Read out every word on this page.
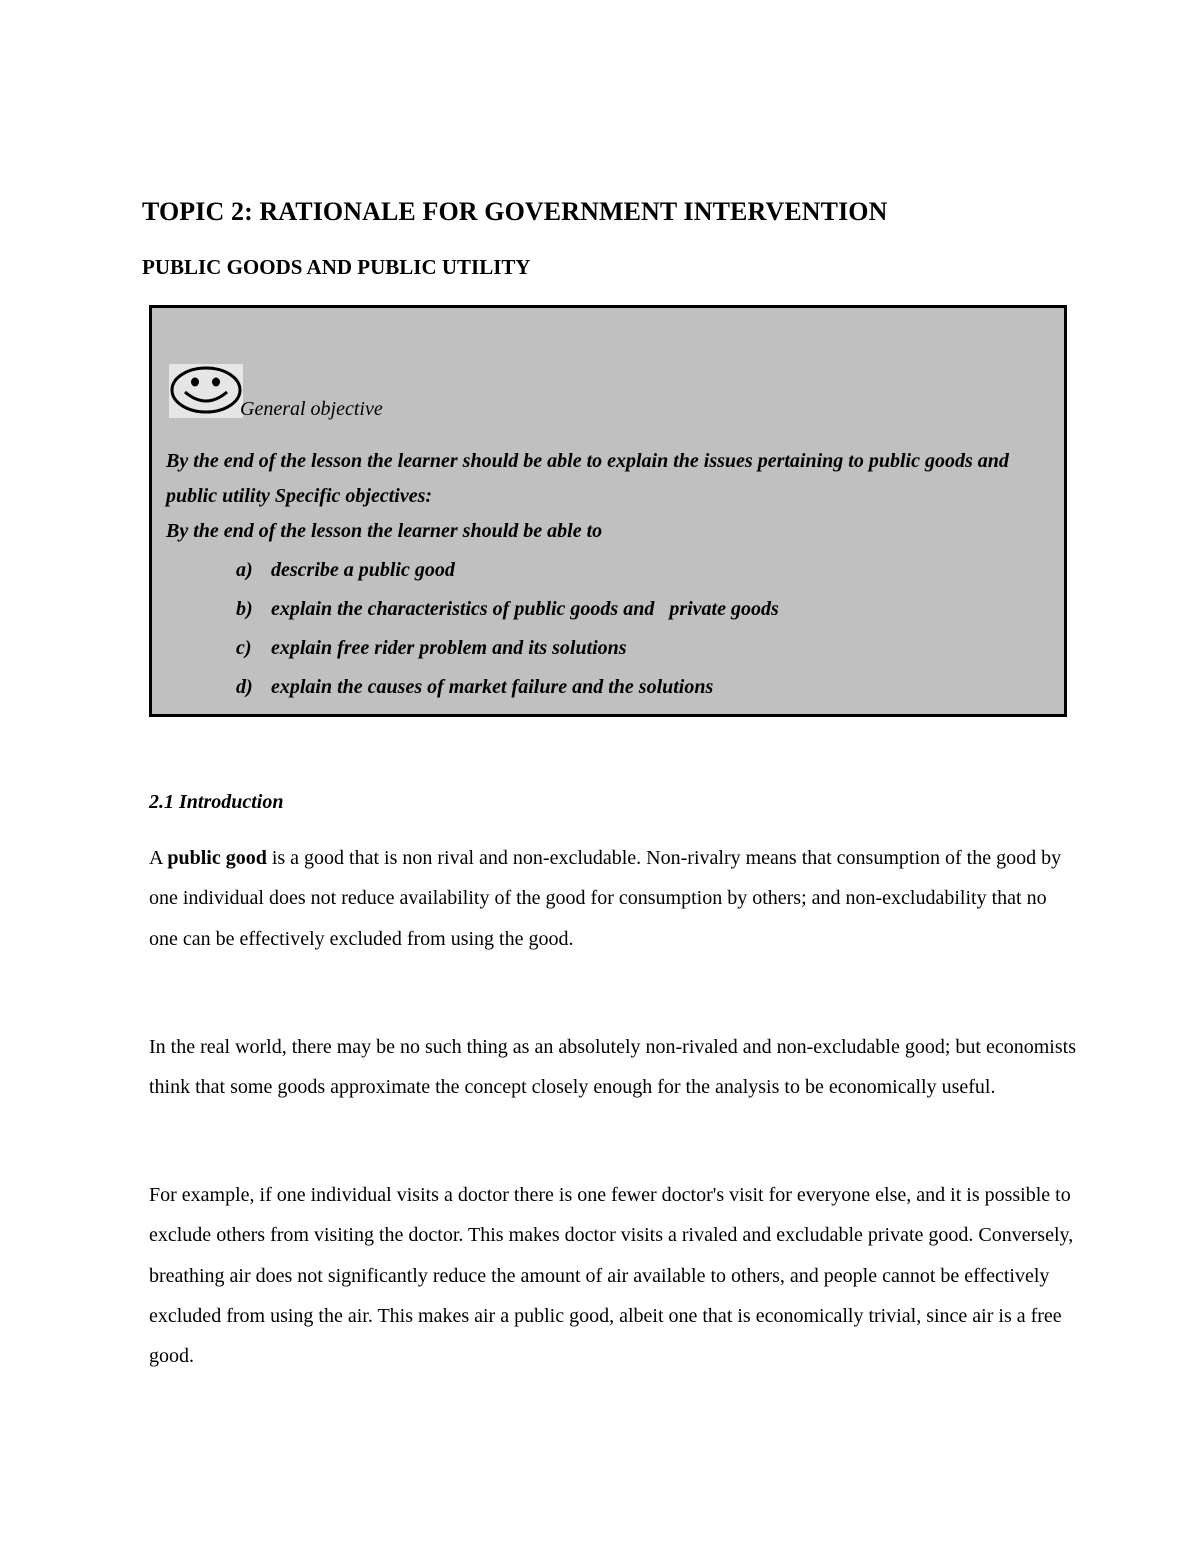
TOPIC 2: RATIONALE FOR GOVERNMENT INTERVENTION
PUBLIC GOODS AND PUBLIC UTILITY
General objective

By the end of the lesson the learner should be able to explain the issues pertaining to public goods and public utility Specific objectives:

By the end of the lesson the learner should be able to

a) describe a public good
b) explain the characteristics of public goods and   private goods
c) explain free rider problem and its solutions
d) explain the causes of market failure and the solutions
2.1 Introduction

A public good is a good that is non rival and non-excludable. Non-rivalry means that consumption of the good by one individual does not reduce availability of the good for consumption by others; and non-excludability that no one can be effectively excluded from using the good.

In the real world, there may be no such thing as an absolutely non-rivaled and non-excludable good; but economists think that some goods approximate the concept closely enough for the analysis to be economically useful.

For example, if one individual visits a doctor there is one fewer doctor's visit for everyone else, and it is possible to exclude others from visiting the doctor. This makes doctor visits a rivaled and excludable private good. Conversely, breathing air does not significantly reduce the amount of air available to others, and people cannot be effectively excluded from using the air. This makes air a public good, albeit one that is economically trivial, since air is a free good.
